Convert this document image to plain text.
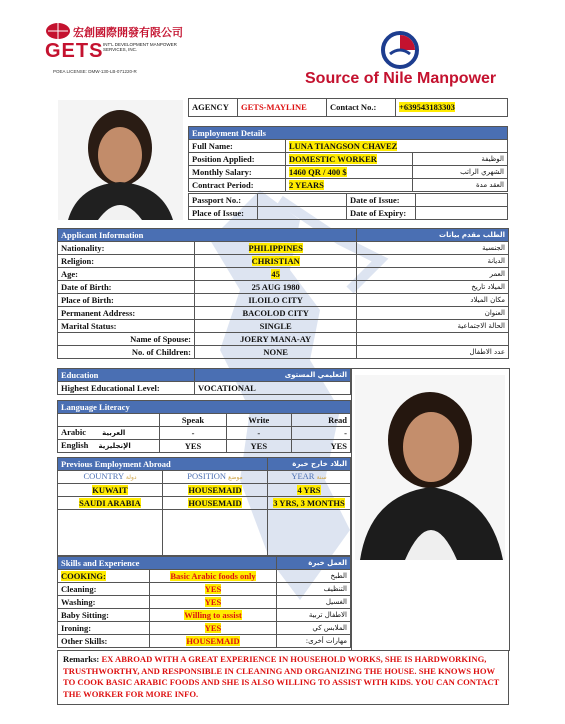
宏創國際開發有限公司
GETS INT'L DEVELOPMENT MANPOWER SERVICES, INC.
POEA LICENSE: DMW-130-LB-071220-R	Source of Nile Manpower
AGENCY	GETS-MAYLINE	Contact No.:	+639543183303
Employment Details		
Full Name:	LUNA TIANGSON CHAVEZ	
Position Applied:	DOMESTIC WORKER	الوظيفة
Monthly Salary:	1460 QR / 400 $	الشهري الراتب
Contract Period:	2 YEARS	العقد مدة
Passport No.:		Date of Issue:	
Place of Issue:		Date of Expiry:	
Applicant Information		الطلب مقدم بيانات
Nationality:	PHILIPPINES	الجنسية
Religion:	CHRISTIAN	الديانة
Age:	45	العمر
Date of Birth:	25 AUG 1980	الميلاد تاريخ
Place of Birth:	ILOILO CITY	مكان الميلاد
Permanent Address:	BACOLOD CITY	العنوان
Marital Status:	SINGLE	الحالة الاجتماعية
Name of Spouse:	JOERY MANA-AY	
No. of Children:	NONE	عدد الاطفال
Education	التعليمي المستوى
Highest Educational Level:	VOCATIONAL
Language Literacy			
	Speak	Write	Read
Arabic العربية	-	-	-
English الإنجليزية	YES	YES	YES
Previous Employment Abroad		البلاد خارج خبرة
COUNTRY دولة	POSITION موضع	YEAR سنة
KUWAIT	HOUSEMAID	4 YRS
SAUDI ARABIA	HOUSEMAID	3 YRS, 3 MONTHS

Skills and Experience		العمل خبرة
COOKING:	Basic Arabic foods only	الطبخ
Cleaning:	YES	التنظيف
Washing:	YES	الغسيل
Baby Sitting:	Willing to assist	الاطفال تربية
Ironing:	YES	الملابس كي
Other Skills:	HOUSEMAID	مهارات أخرى:
Remarks: EX ABROAD WITH A GREAT EXPERIENCE IN HOUSEHOLD WORKS, SHE IS HARDWORKING, TRUSTHWORTHY, AND RESPONSIBLE IN CLEANING AND ORGANIZING THE HOUSE. SHE KNOWS HOW TO COOK BASIC ARABIC FOODS AND SHE IS ALSO WILLING TO ASSIST WITH KIDS. YOU CAN CONTACT THE WORKER FOR MORE INFO.
